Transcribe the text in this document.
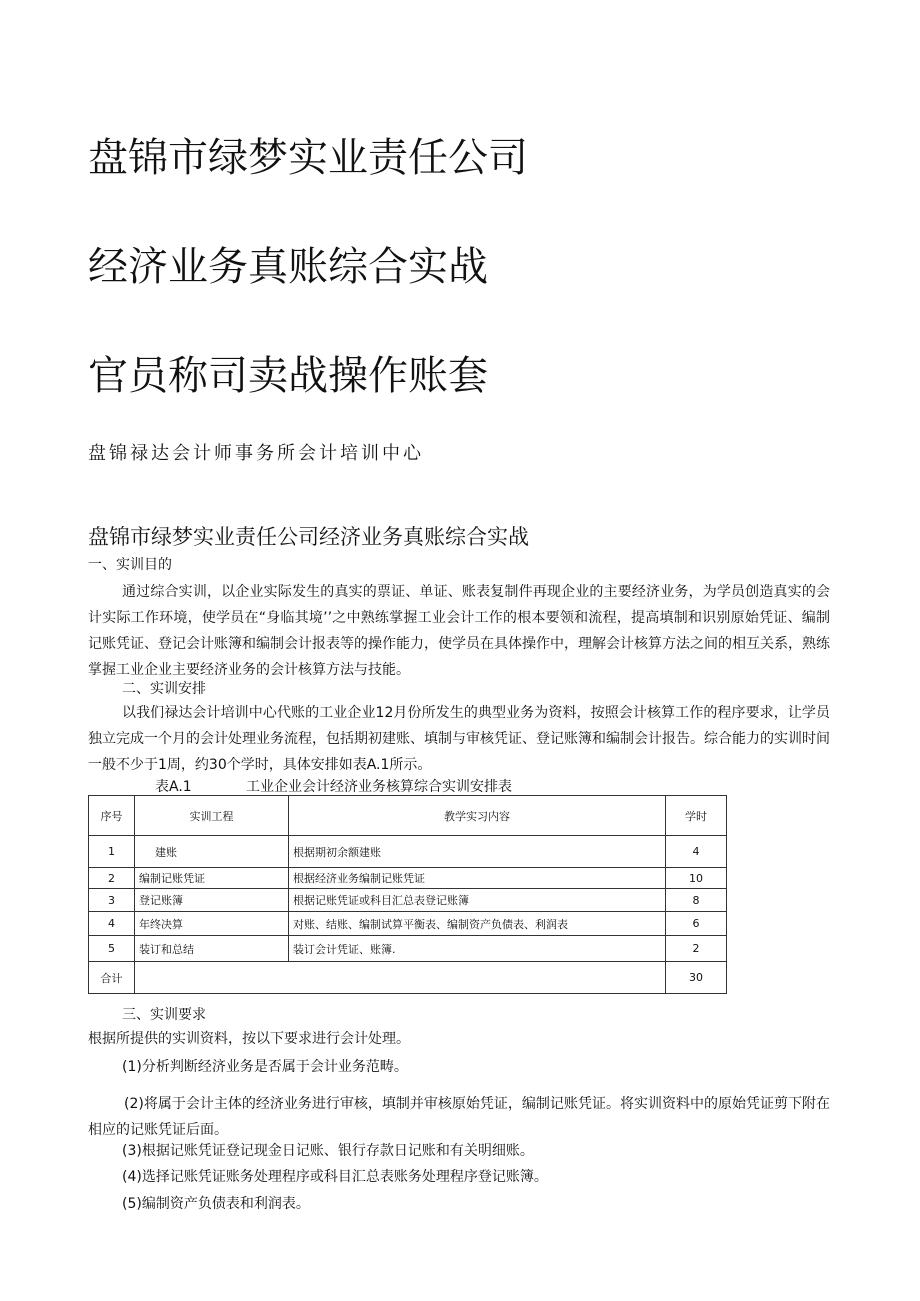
盘锦市绿梦实业责任公司
经济业务真账综合实战
官员称司卖战操作账套

盘锦禄达会计师事务所会计培训中心

盘锦市绿梦实业责任公司经济业务真账综合实战

一、实训目的

通过综合实训，以企业实际发生的真实的票证、单证、账表复制件再现企业的主要经济业务，为学员创造真实的会计实际工作环境，使学员在“身临其境’’之中熟练掌握工业会计工作的根本要领和流程，提高填制和识别原始凭证、编制记账凭证、登记会计账簿和编制会计报表等的操作能力，使学员在具体操作中，理解会计核算方法之间的相互关系，熟练掌握工业企业主要经济业务的会计核算方法与技能。

二、实训安排

以我们禄达会计培训中心代账的工业企业12月份所发生的典型业务为资料，按照会计核算工作的程序要求，让学员独立完成一个月的会计处理业务流程，包括期初建账、填制与审核凭证、登记账簿和编制会计报告。综合能力的实训时间一般不少于1周，约30个学时，具体安排如表A.1所示。

表A.1	工业企业会计经济业务核算综合实训安排表

序号	实训工程	教学实习内容	学时
1	建账	根据期初余额建账	4
2	编制记账凭证	根据经济业务编制记账凭证	10
3	登记账簿	根据记账凭证或科目汇总表登记账簿	8
4	年终决算	对账、结账、编制试算平衡表、编制资产负债表、利润表	6
5	装订和总结	装订会计凭证、账簿.	2
合计			30

三、实训要求

根据所提供的实训资料，按以下要求进行会计处理。

(1)分析判断经济业务是否属于会计业务范畴。

(2)将属于会计主体的经济业务进行审核，填制并审核原始凭证，编制记账凭证。将实训资料中的原始凭证剪下附在相应的记账凭证后面。

(3)根据记账凭证登记现金日记账、银行存款日记账和有关明细账。

(4)选择记账凭证账务处理程序或科目汇总表账务处理程序登记账簿。

(5)编制资产负债表和利润表。
